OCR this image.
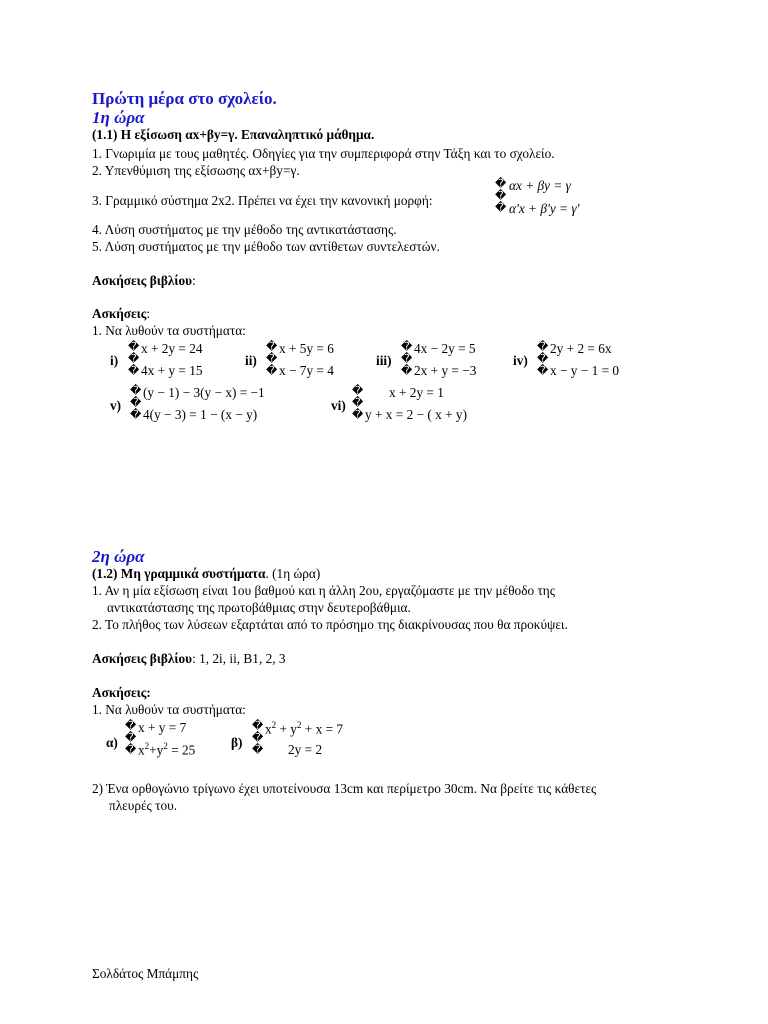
Πρώτη μέρα στο σχολείο.
1η ώρα
(1.1) Η εξίσωση αx+βy=γ. Επαναληπτικό μάθημα.
1. Γνωριμία με τους μαθητές. Οδηγίες για την συμπεριφορά στην Τάξη και το σχολείο.
2. Υπενθύμιση της εξίσωσης αx+βy=γ.
3. Γραμμικό σύστημα 2x2. Πρέπει να έχει την κανονική μορφή:
�
�
�
αx + βy = γ
α'x + β'y = γ'
4. Λύση συστήματος με την μέθοδο της αντικατάστασης.
5. Λύση συστήματος με την μέθοδο των αντίθετων συντελεστών.
Ασκήσεις βιβλίου:
Ασκήσεις:
1. Να λυθούν τα συστήματα:
i)
�
�
�
x + 2y = 24
4x + y = 15
ii)
�
�
�
x + 5y = 6
x − 7y = 4
iii)
�
�
�
4x − 2y = 5
2x + y = −3
iv)
�
�
�
2y + 2 = 6x
x − y − 1 = 0
v)
�
�
�
(y − 1) − 3(y − x) = −1
4(y − 3) = 1 − (x − y)
vi)
�
�
�
x + 2y = 1
y + x = 2 − ( x + y)
2η ώρα
(1.2) Μη γραμμικά συστήματα. (1η ώρα)
1. Αν η μία εξίσωση είναι 1ου βαθμού και η άλλη 2ου, εργαζόμαστε με την μέθοδο της
αντικατάστασης της πρωτοβάθμιας στην δευτεροβάθμια.
2. Το πλήθος των λύσεων εξαρτάται από το πρόσημο της διακρίνουσας που θα προκύψει.
Ασκήσεις βιβλίου: 1, 2i, ii, B1, 2, 3
Ασκήσεις:
1. Να λυθούν τα συστήματα:
α)
�
�
�
x + y = 7
$x^2+y^2 = 25$	β)
�
�
�
$x^2 + y^2 + x = 7$
2y = 2
2) Ένα ορθογώνιο τρίγωνο έχει υποτείνουσα 13cm και περίμετρο 30cm. Να βρείτε τις κάθετες
πλευρές του.
Σολδάτος Μπάμπης
